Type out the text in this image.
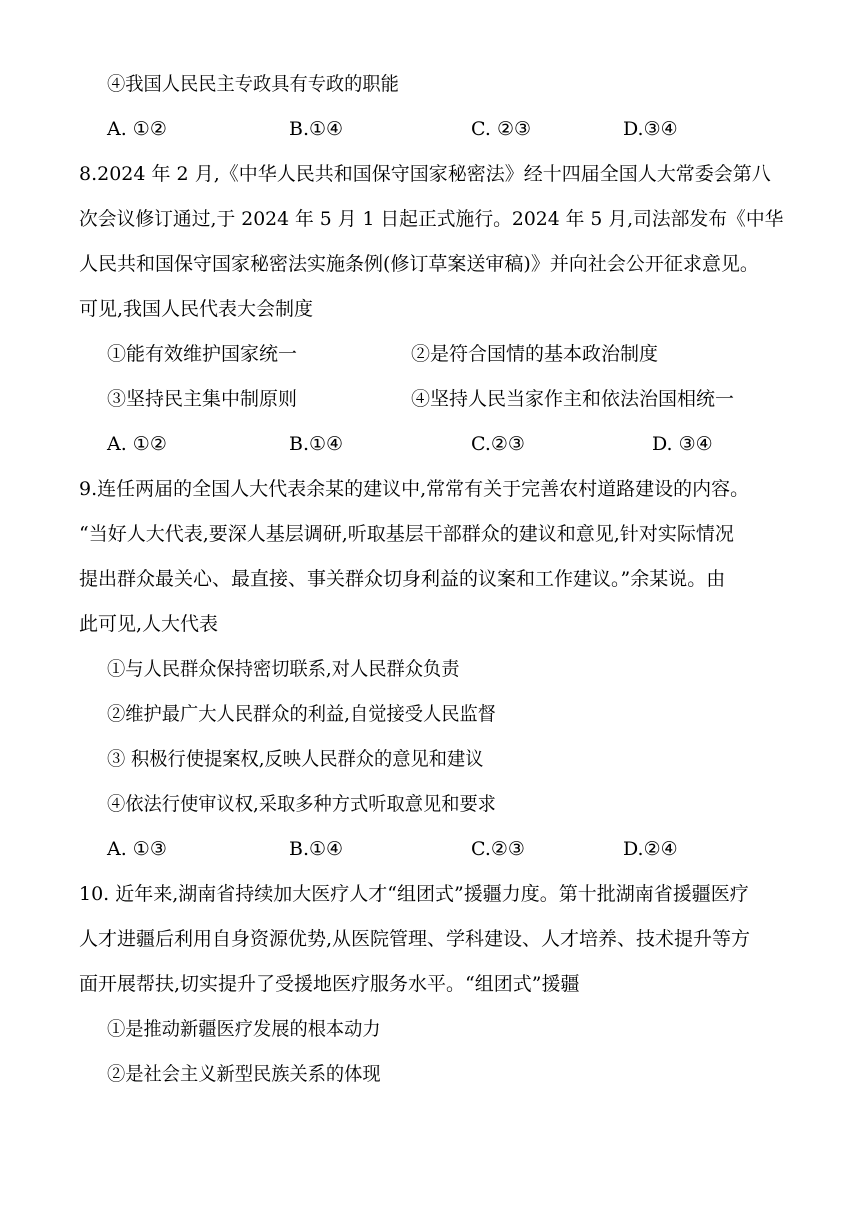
④我国人民民主专政具有专政的职能
A. ①②	B.①④	C. ②③	D.③④
8.2024 年 2 月,《中华人民共和国保守国家秘密法》经十四届全国人大常委会第八
次会议修订通过,于 2024 年 5 月 1 日起正式施行。2024 年 5 月,司法部发布《中华
人民共和国保守国家秘密法实施条例(修订草案送审稿)》并向社会公开征求意见。
可见,我国人民代表大会制度
①能有效维护国家统一	②是符合国情的基本政治制度
③坚持民主集中制原则	④坚持人民当家作主和依法治国相统一
A. ①②	B.①④	C.②③	D. ③④
9.连任两届的全国人大代表余某的建议中,常常有关于完善农村道路建设的内容。
“当好人大代表,要深人基层调研,听取基层干部群众的建议和意见,针对实际情况
提出群众最关心、最直接、事关群众切身利益的议案和工作建议。”余某说。由
此可见,人大代表
①与人民群众保持密切联系,对人民群众负责
②维护最广大人民群众的利益,自觉接受人民监督
③ 积极行使提案权,反映人民群众的意见和建议
④依法行使审议权,采取多种方式听取意见和要求
A. ①③	B.①④	C.②③	D.②④
10. 近年来,湖南省持续加大医疗人才“组团式”援疆力度。第十批湖南省援疆医疗
人才进疆后利用自身资源优势,从医院管理、学科建设、人才培养、技术提升等方
面开展帮扶,切实提升了受援地医疗服务水平。“组团式”援疆
①是推动新疆医疗发展的根本动力
②是社会主义新型民族关系的体现
